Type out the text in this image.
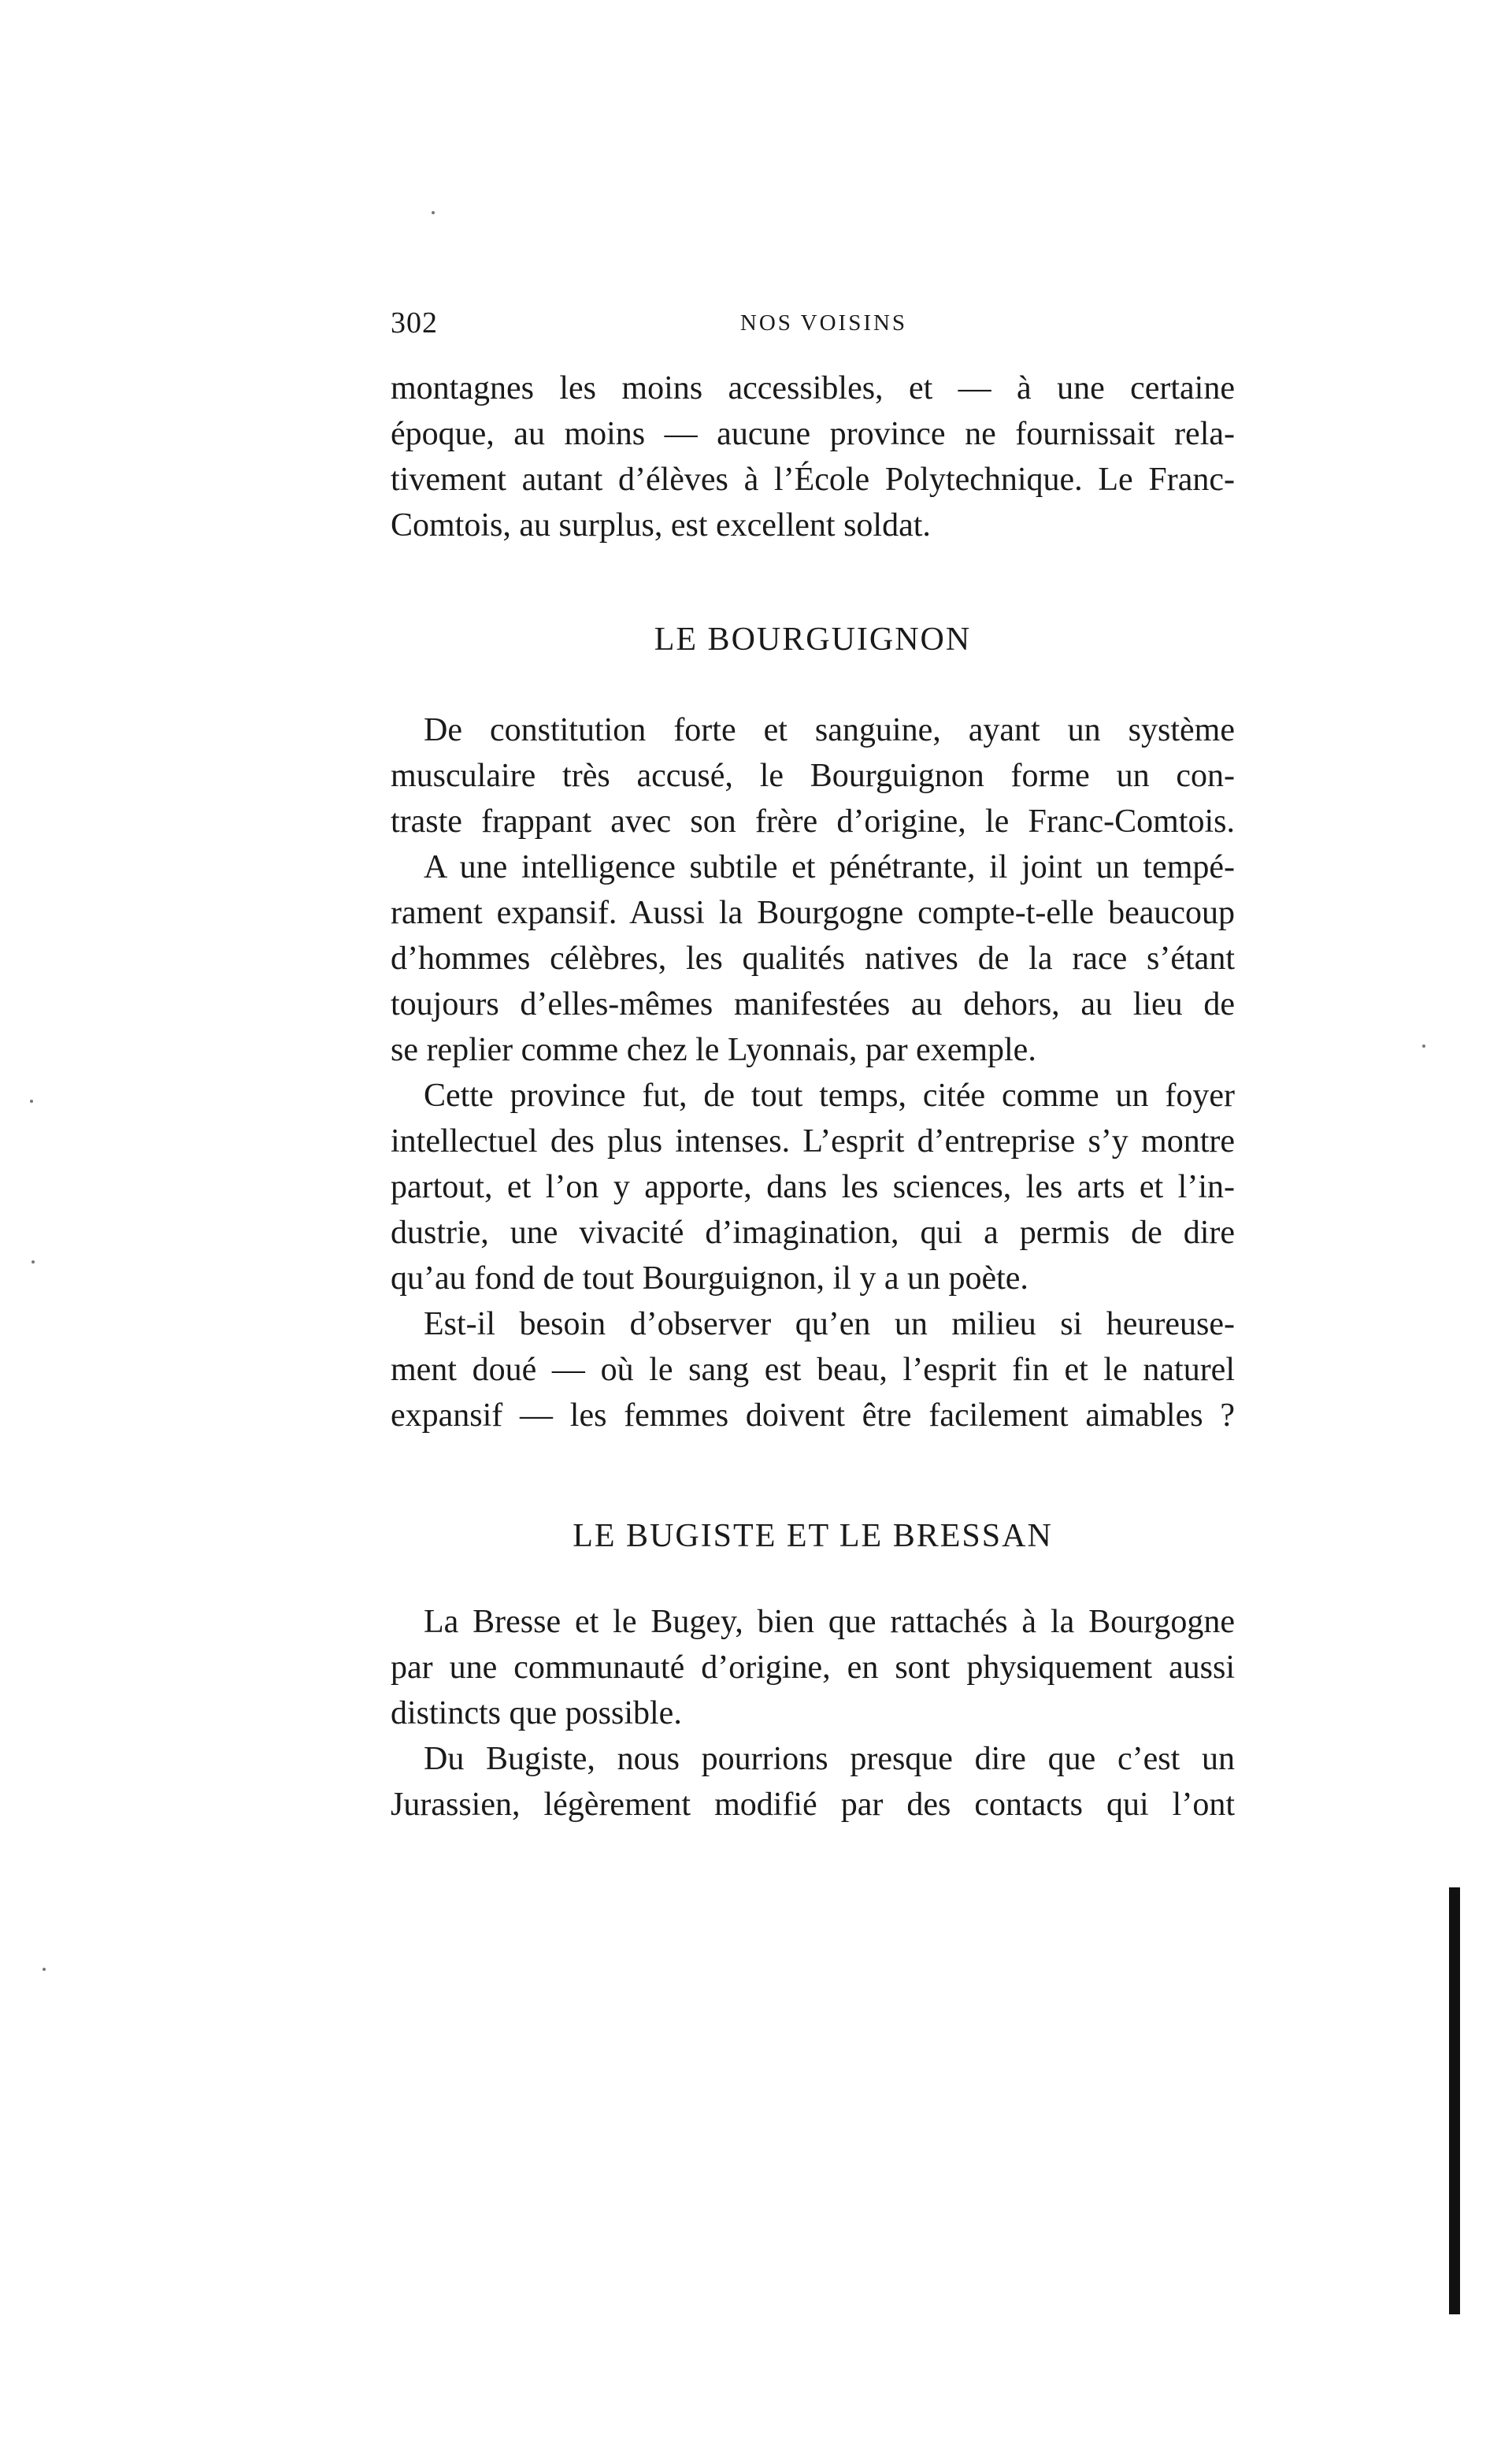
302	NOS VOISINS
montagnes les moins accessibles, et — à une certaine
époque, au moins — aucune province ne fournissait rela-
tivement autant d’élèves à l’École Polytechnique. Le Franc-
Comtois, au surplus, est excellent soldat.
LE BOURGUIGNON
De constitution forte et sanguine, ayant un système
musculaire très accusé, le Bourguignon forme un con-
traste frappant avec son frère d’origine, le Franc-Comtois.
A une intelligence subtile et pénétrante, il joint un tempé-
rament expansif. Aussi la Bourgogne compte-t-elle beaucoup
d’hommes célèbres, les qualités natives de la race s’étant
toujours d’elles-mêmes manifestées au dehors, au lieu de
se replier comme chez le Lyonnais, par exemple.
Cette province fut, de tout temps, citée comme un foyer
intellectuel des plus intenses. L’esprit d’entreprise s’y montre
partout, et l’on y apporte, dans les sciences, les arts et l’in-
dustrie, une vivacité d’imagination, qui a permis de dire
qu’au fond de tout Bourguignon, il y a un poète.
Est-il besoin d’observer qu’en un milieu si heureuse-
ment doué — où le sang est beau, l’esprit fin et le naturel
expansif — les femmes doivent être facilement aimables ?
LE BUGISTE ET LE BRESSAN
La Bresse et le Bugey, bien que rattachés à la Bourgogne
par une communauté d’origine, en sont physiquement aussi
distincts que possible.
Du Bugiste, nous pourrions presque dire que c’est un
Jurassien, légèrement modifié par des contacts qui l’ont
